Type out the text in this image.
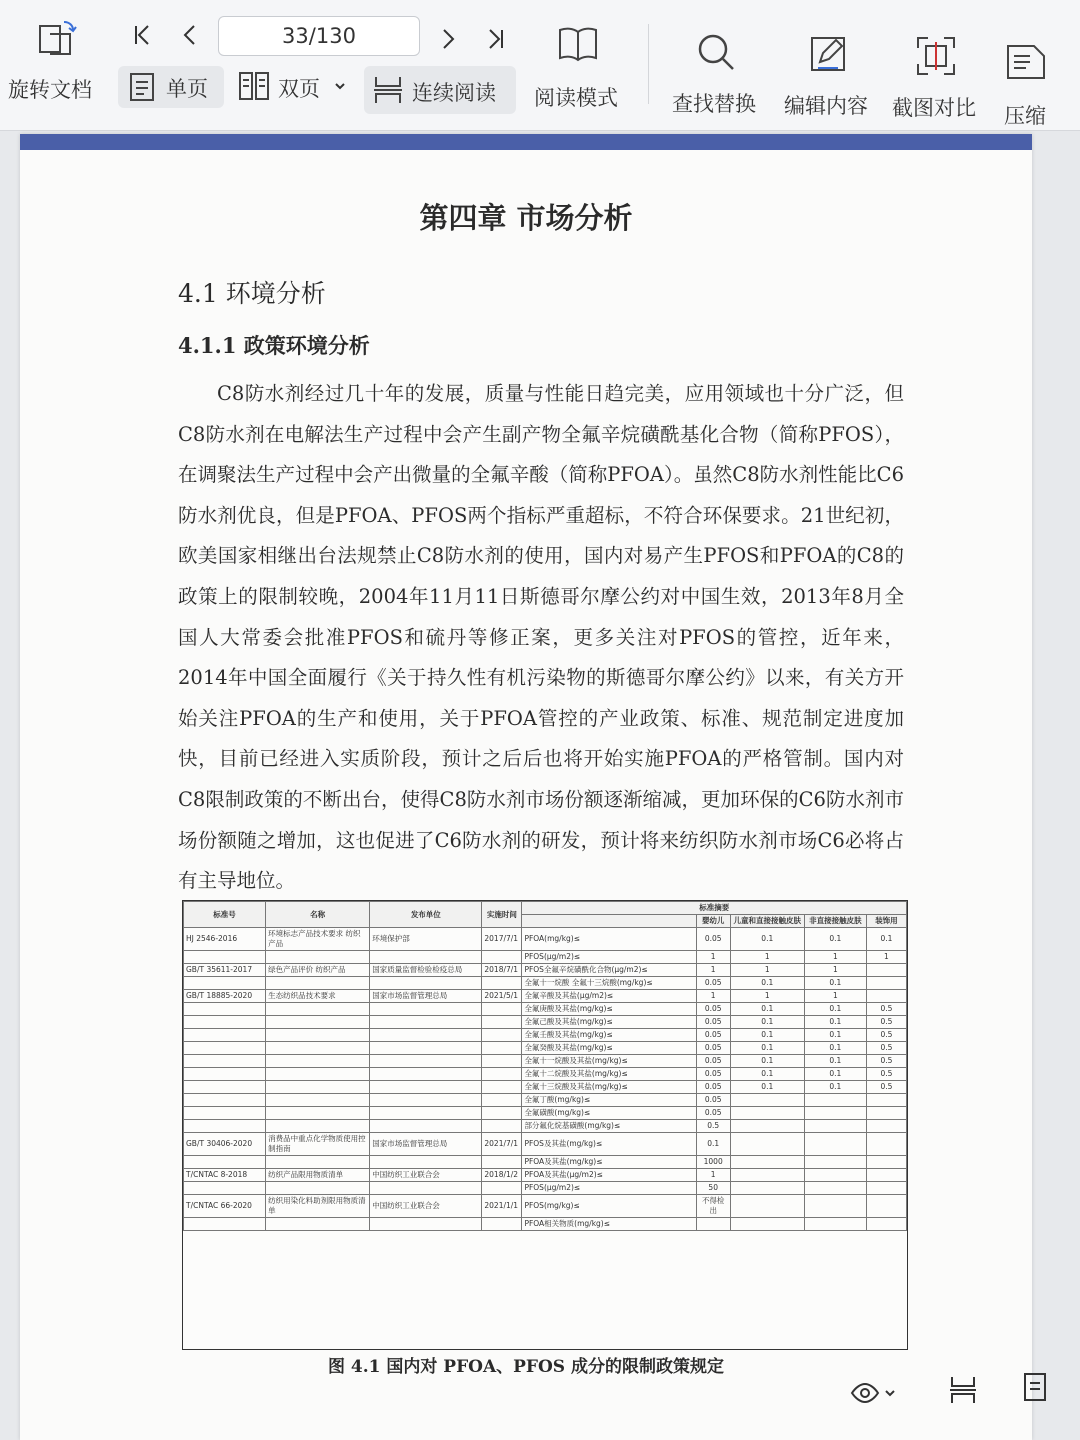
旋转文档
33/130
单页	双页	连续阅读 阅读模式	查找替换 编辑内容 截图对比 压缩
第四章 市场分析
4.1 环境分析
4.1.1 政策环境分析

C8防水剂经过几十年的发展，质量与性能日趋完美，应用领域也十分广泛，但C8防水剂在电解法生产过程中会产生副产物全氟辛烷磺酰基化合物（简称PFOS），在调聚法生产过程中会产出微量的全氟辛酸（简称PFOA）。虽然C8防水剂性能比C6防水剂优良，但是PFOA、PFOS两个指标严重超标，不符合环保要求。21世纪初，欧美国家相继出台法规禁止C8防水剂的使用，国内对易产生PFOS和PFOA的C8的政策上的限制较晚，2004年11月11日斯德哥尔摩公约对中国生效，2013年8月全国人大常委会批准PFOS和硫丹等修正案，更多关注对PFOS的管控，近年来，2014年中国全面履行《关于持久性有机污染物的斯德哥尔摩公约》以来，有关方开始关注PFOA的生产和使用，关于PFOA管控的产业政策、标准、规范制定进度加快，目前已经进入实质阶段，预计之后后也将开始实施PFOA的严格管制。国内对C8限制政策的不断出台，使得C8防水剂市场份额逐渐缩减，更加环保的C6防水剂市场份额随之增加，这也促进了C6防水剂的研发，预计将来纺织防水剂市场C6必将占有主导地位。

标准号	名称	发布单位	实施时间	标准摘要				
					婴幼儿	儿童和直接接触皮肤	非直接接触皮肤	装饰用
HJ 2546-2016	环境标志产品技术要求 纺织产品	环境保护部	2017/7/1	PFOA(mg/kg)≤	0.05	0.1	0.1	0.1
				PFOS(μg/m2)≤	1	1	1	1
GB/T 35611-2017	绿色产品评价 纺织产品	国家质量监督检验检疫总局	2018/7/1	PFOS全氟辛烷磺酰化合物(μg/m2)≤	1	1	1	
				全氟十一烷酸 全氟十三烷酸(mg/kg)≤	0.05	0.1	0.1	
GB/T 18885-2020	生态纺织品技术要求	国家市场监督管理总局	2021/5/1	全氟辛酸及其盐(μg/m2)≤	1	1	1	
				全氟庚酸及其盐(mg/kg)≤	0.05	0.1	0.1	0.5
				全氟己酸及其盐(mg/kg)≤	0.05	0.1	0.1	0.5
				全氟壬酸及其盐(mg/kg)≤	0.05	0.1	0.1	0.5
				全氟癸酸及其盐(mg/kg)≤	0.05	0.1	0.1	0.5
				全氟十一烷酸及其盐(mg/kg)≤	0.05	0.1	0.1	0.5
				全氟十二烷酸及其盐(mg/kg)≤	0.05	0.1	0.1	0.5
				全氟十三烷酸及其盐(mg/kg)≤	0.05	0.1	0.1	0.5
				全氟丁酸(mg/kg)≤	0.05			
				全氟磺酸(mg/kg)≤	0.05			
				部分氟化烷基磺酸(mg/kg)≤	0.5			
GB/T 30406-2020	消费品中重点化学物质使用控制指南	国家市场监督管理总局	2021/7/1	PFOS及其盐(mg/kg)≤	0.1			
				PFOA及其盐(mg/kg)≤	1000			
T/CNTAC 8-2018	纺织产品限用物质清单	中国纺织工业联合会	2018/1/2	PFOA及其盐(μg/m2)≤	1			
				PFOS(μg/m2)≤	50			
T/CNTAC 66-2020	纺织用染化料助剂限用物质清单	中国纺织工业联合会	2021/1/1	PFOS(mg/kg)≤	不得检出			
				PFOA相关物质(mg/kg)≤				
图 4.1 国内对 PFOA、PFOS 成分的限制政策规定
